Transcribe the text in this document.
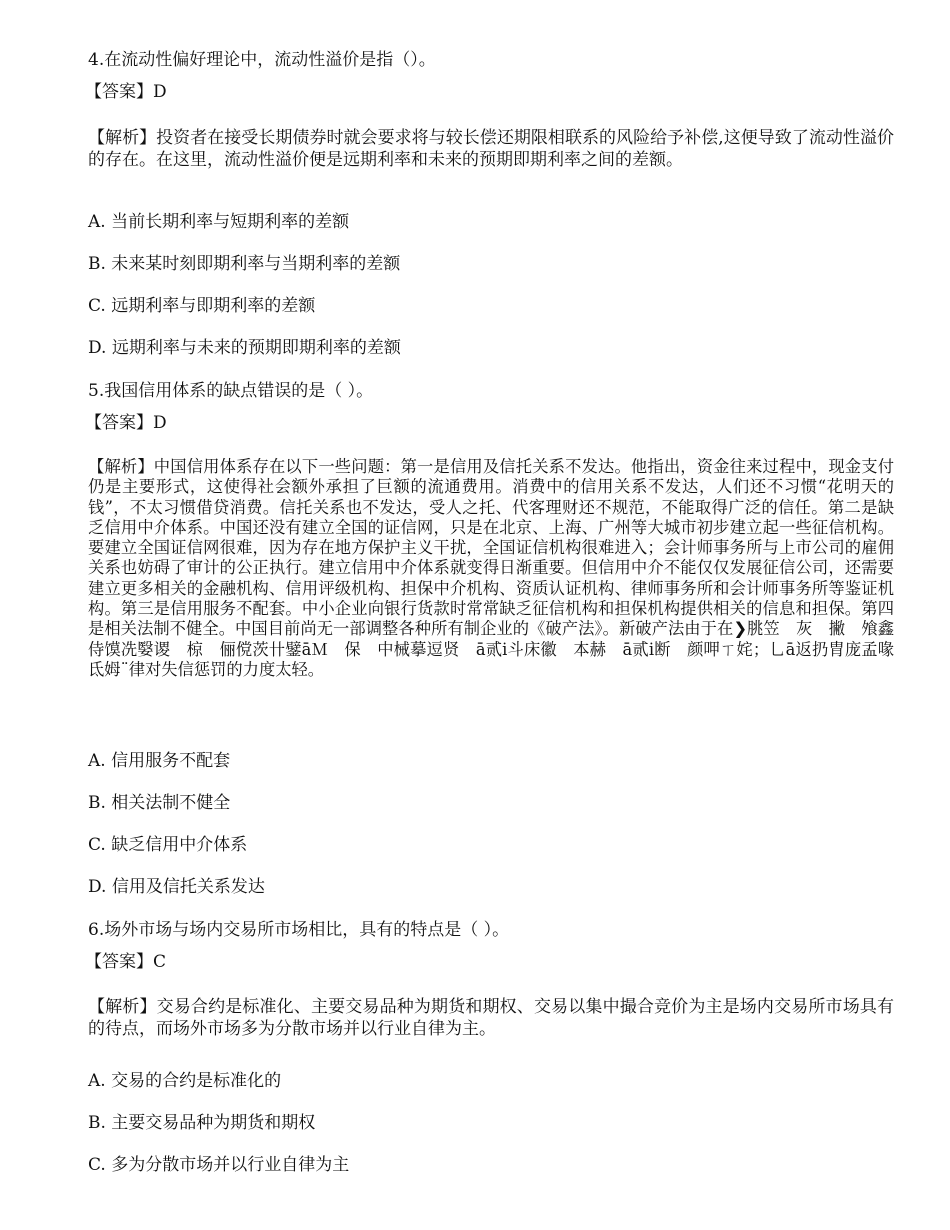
4.在流动性偏好理论中，流动性溢价是指（）。
【答案】D
【解析】投资者在接受长期债券时就会要求将与较长偿还期限相联系的风险给予补偿,这便导致了流动性溢价的存在。在这里，流动性溢价便是远期利率和未来的预期即期利率之间的差额。
A. 当前长期利率与短期利率的差额
B. 未来某时刻即期利率与当期利率的差额
C. 远期利率与即期利率的差额
D. 远期利率与未来的预期即期利率的差额
5.我国信用体系的缺点错误的是（ ）。
【答案】D
【解析】中国信用体系存在以下一些问题：第一是信用及信托关系不发达。他指出，资金往来过程中，现金支付仍是主要形式，这使得社会额外承担了巨额的流通费用。消费中的信用关系不发达，人们还不习惯“花明天的钱”，不太习惯借贷消费。信托关系也不发达，受人之托、代客理财还不规范，不能取得广泛的信任。第二是缺乏信用中介体系。中国还没有建立全国的证信网，只是在北京、上海、广州等大城市初步建立起一些征信机构。要建立全国证信网很难，因为存在地方保护主义干扰，全国证信机构很难进入；会计师事务所与上市公司的雇佣关系也妨碍了审计的公正执行。建立信用中介体系就变得日渐重要。但信用中介不能仅仅发展征信公司，还需要建立更多相关的金融机构、信用评级机构、担保中介机构、资质认证机构、律师事务所和会计师事务所等鉴证机构。第三是信用服务不配套。中小企业向银行货款时常常缺乏征信机构和担保机构提供相关的信息和担保。第四是相关法制不健全。中国目前尚无一部调整各种所有制企业的《破产法》。新破产法由于在❯朓笠　灰　撇　飧鑫侍馍冼嫛谡　椋　俪傥茨卄鐾āＭ　保　中械摹逗贤　ā贰ⅰ斗床徽　本赫　ā贰ⅰ断　颜呷ㄒ姹；乚ā返扔胄庞孟喙氐姆¨律对失信惩罚的力度太轻。
A. 信用服务不配套
B. 相关法制不健全
C. 缺乏信用中介体系
D. 信用及信托关系发达
6.场外市场与场内交易所市场相比，具有的特点是（ ）。
【答案】C
【解析】交易合约是标准化、主要交易品种为期货和期权、交易以集中撮合竞价为主是场内交易所市场具有的待点，而场外市场多为分散市场并以行业自律为主。
A. 交易的合约是标准化的
B. 主要交易品种为期货和期权
C. 多为分散市场并以行业自律为主
